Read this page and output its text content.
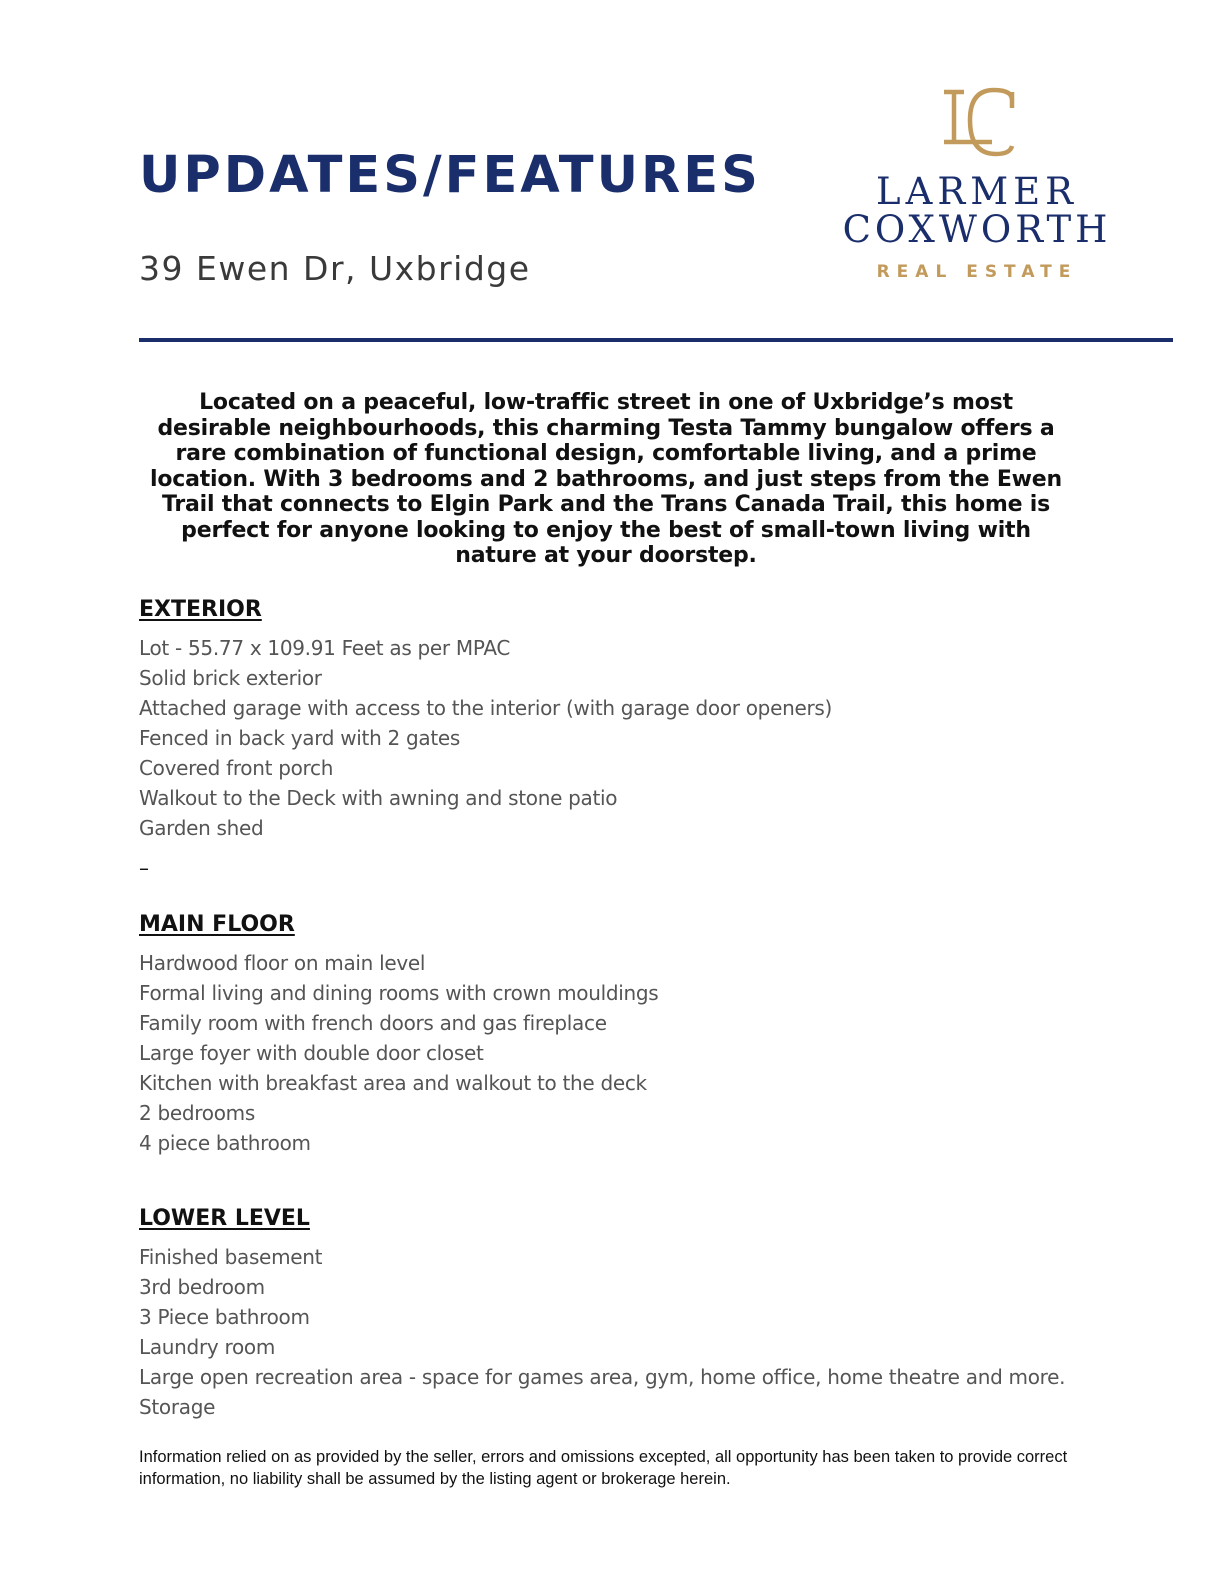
UPDATES/FEATURES
39 Ewen Dr, Uxbridge
LARMER
COXWORTH
REAL ESTATE

Located on a peaceful, low-traffic street in one of Uxbridge’s most desirable neighbourhoods, this charming Testa Tammy bungalow offers a rare combination of functional design, comfortable living, and a prime location. With 3 bedrooms and 2 bathrooms, and just steps from the Ewen Trail that connects to Elgin Park and the Trans Canada Trail, this home is perfect for anyone looking to enjoy the best of small-town living with nature at your doorstep.

EXTERIOR
Lot - 55.77 x 109.91 Feet as per MPAC
Solid brick exterior
Attached garage with access to the interior (with garage door openers)
Fenced in back yard with 2 gates
Covered front porch
Walkout to the Deck with awning and stone patio
Garden shed
–
MAIN FLOOR
Hardwood floor on main level
Formal living and dining rooms with crown mouldings
Family room with french doors and gas fireplace
Large foyer with double door closet
Kitchen with breakfast area and walkout to the deck
2 bedrooms
4 piece bathroom
LOWER LEVEL
Finished basement
3rd bedroom
3 Piece bathroom
Laundry room
Large open recreation area - space for games area, gym, home office, home theatre and more.
Storage

Information relied on as provided by the seller, errors and omissions excepted, all opportunity has been taken to provide correct information, no liability shall be assumed by the listing agent or brokerage herein.
